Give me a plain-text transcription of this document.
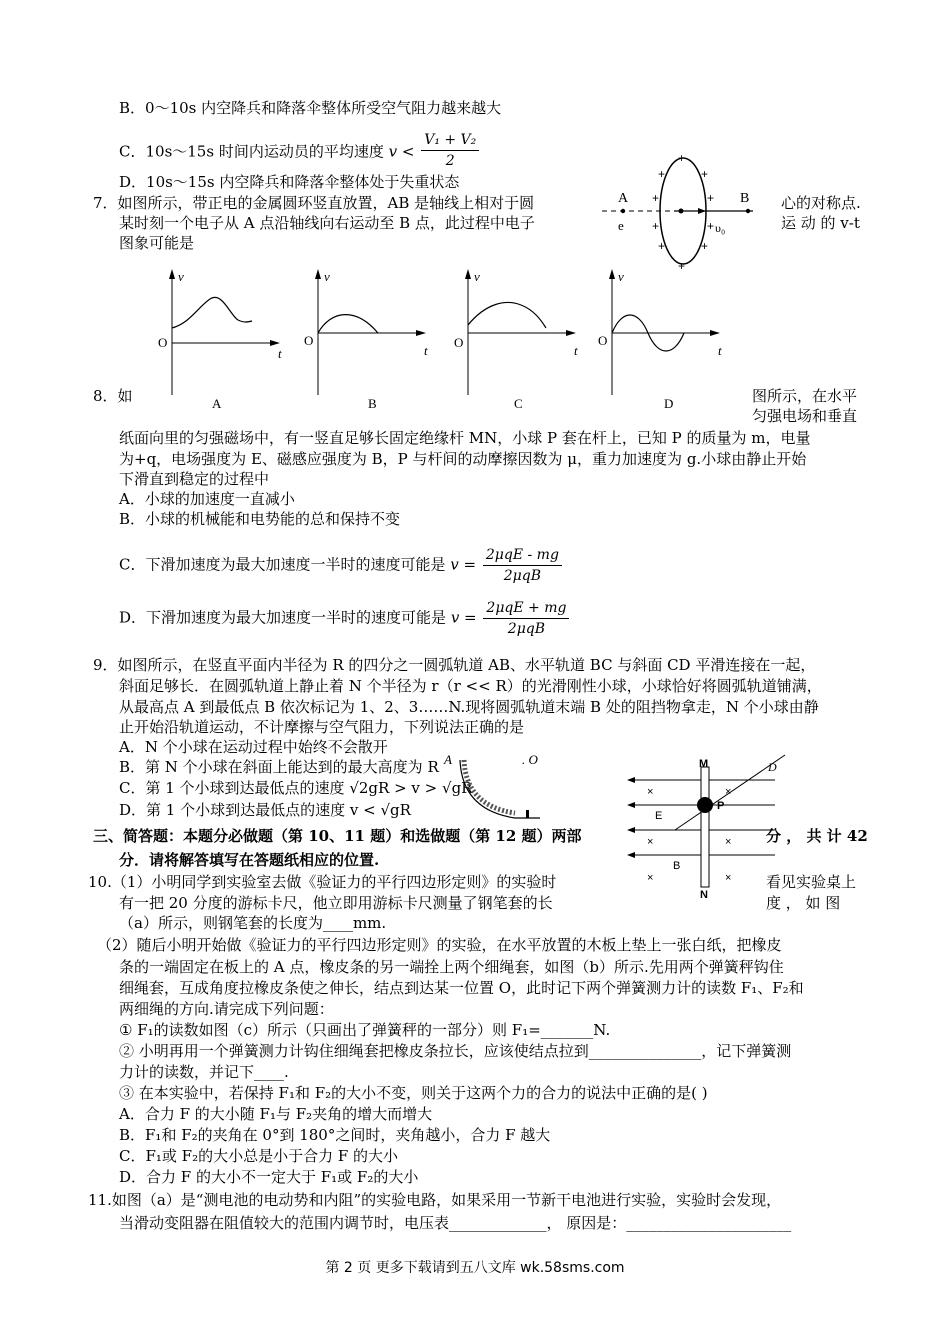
B．0～10s 内空降兵和降落伞整体所受空气阻力越来越大
C．10s～15s 时间内运动员的平均速度 $v < \frac{\text{V₁ + V₂}}{2}$
D．10s～15s 内空降兵和降落伞整体处于失重状态
7．如图所示，带正电的金属圆环竖直放置，AB 是轴线上相对于圆	心的对称点.
某时刻一个电子从 A 点沿轴线向右运动至 B 点，此过程中电子	运 动 的 v-t
图象可能是
A	B
e	υ₀
+
+	+
+	+
+	+
+	+
+
v
t
O
A
v
t
O
B
v
t
O
C
v
t
O
D
8．如	图所示，在水平
匀强电场和垂直
纸面向里的匀强磁场中，有一竖直足够长固定绝缘杆 MN，小球 P 套在杆上，已知 P 的质量为 m，电量
为+q，电场强度为 E、磁感应强度为 B，P 与杆间的动摩擦因数为 μ，重力加速度为 g.小球由静止开始
下滑直到稳定的过程中
A．小球的加速度一直减小
B．小球的机械能和电势能的总和保持不变
C．下滑加速度为最大加速度一半时的速度可能是 $v = \frac{\text{2μqE - mg}}{\text{2μqB}}$
D．下滑加速度为最大加速度一半时的速度可能是 $v = \frac{\text{2μqE + mg}}{\text{2μqB}}$
9．如图所示，在竖直平面内半径为 R 的四分之一圆弧轨道 AB、水平轨道 BC 与斜面 CD 平滑连接在一起，
斜面足够长．在圆弧轨道上静止着 N 个半径为 r（r << R）的光滑刚性小球，小球恰好将圆弧轨道铺满，
从最高点 A 到最低点 B 依次标记为 1、2、3……N.现将圆弧轨道末端 B 处的阻挡物拿走，N 个小球由静
止开始沿轨道运动，不计摩擦与空气阻力，下列说法正确的是
A．N 个小球在运动过程中始终不会散开
B．第 N 个小球在斜面上能达到的最大高度为 R
C．第 1 个小球到达最低点的速度 √2gR > v > √gR
D．第 1 个小球到达最低点的速度 v < √gR
A	. O	M
N
P
E
B
D
×	×
×	×
×	×
三、简答题：本题分必做题（第 10、11 题）和选做题（第 12 题）两部	分 ， 共 计 42
分．请将解答填写在答题纸相应的位置.
10.（1）小明同学到实验室去做《验证力的平行四边形定则》的实验时	看见实验桌上
有一把 20 分度的游标卡尺，他立即用游标卡尺测量了钢笔套的长	度 ， 如 图
（a）所示，则钢笔套的长度为____mm.
（2）随后小明开始做《验证力的平行四边形定则》的实验，在水平放置的木板上垫上一张白纸，把橡皮
条的一端固定在板上的 A 点，橡皮条的另一端拴上两个细绳套，如图（b）所示.先用两个弹簧秤钩住
细绳套，互成角度拉橡皮条使之伸长，结点到达某一位置 O，此时记下两个弹簧测力计的读数 F₁、F₂和
两细绳的方向.请完成下列问题：
① F₁的读数如图（c）所示（只画出了弹簧秤的一部分）则 F₁=_______N.
② 小明再用一个弹簧测力计钩住细绳套把橡皮条拉长，应该使结点拉到_______________，记下弹簧测
力计的读数，并记下____.
③ 在本实验中，若保持 F₁和 F₂的大小不变，则关于这两个力的合力的说法中正确的是( )
A．合力 F 的大小随 F₁与 F₂夹角的增大而增大
B．F₁和 F₂的夹角在 0°到 180°之间时，夹角越小，合力 F 越大
C．F₁或 F₂的大小总是小于合力 F 的大小
D．合力 F 的大小不一定大于 F₁或 F₂的大小
11.如图（a）是“测电池的电动势和内阻”的实验电路，如果采用一节新干电池进行实验，实验时会发现，
当滑动变阻器在阻值较大的范围内调节时，电压表_____________， 原因是：______________________
第 2 页 更多下载请到五八文库 wk.58sms.com
